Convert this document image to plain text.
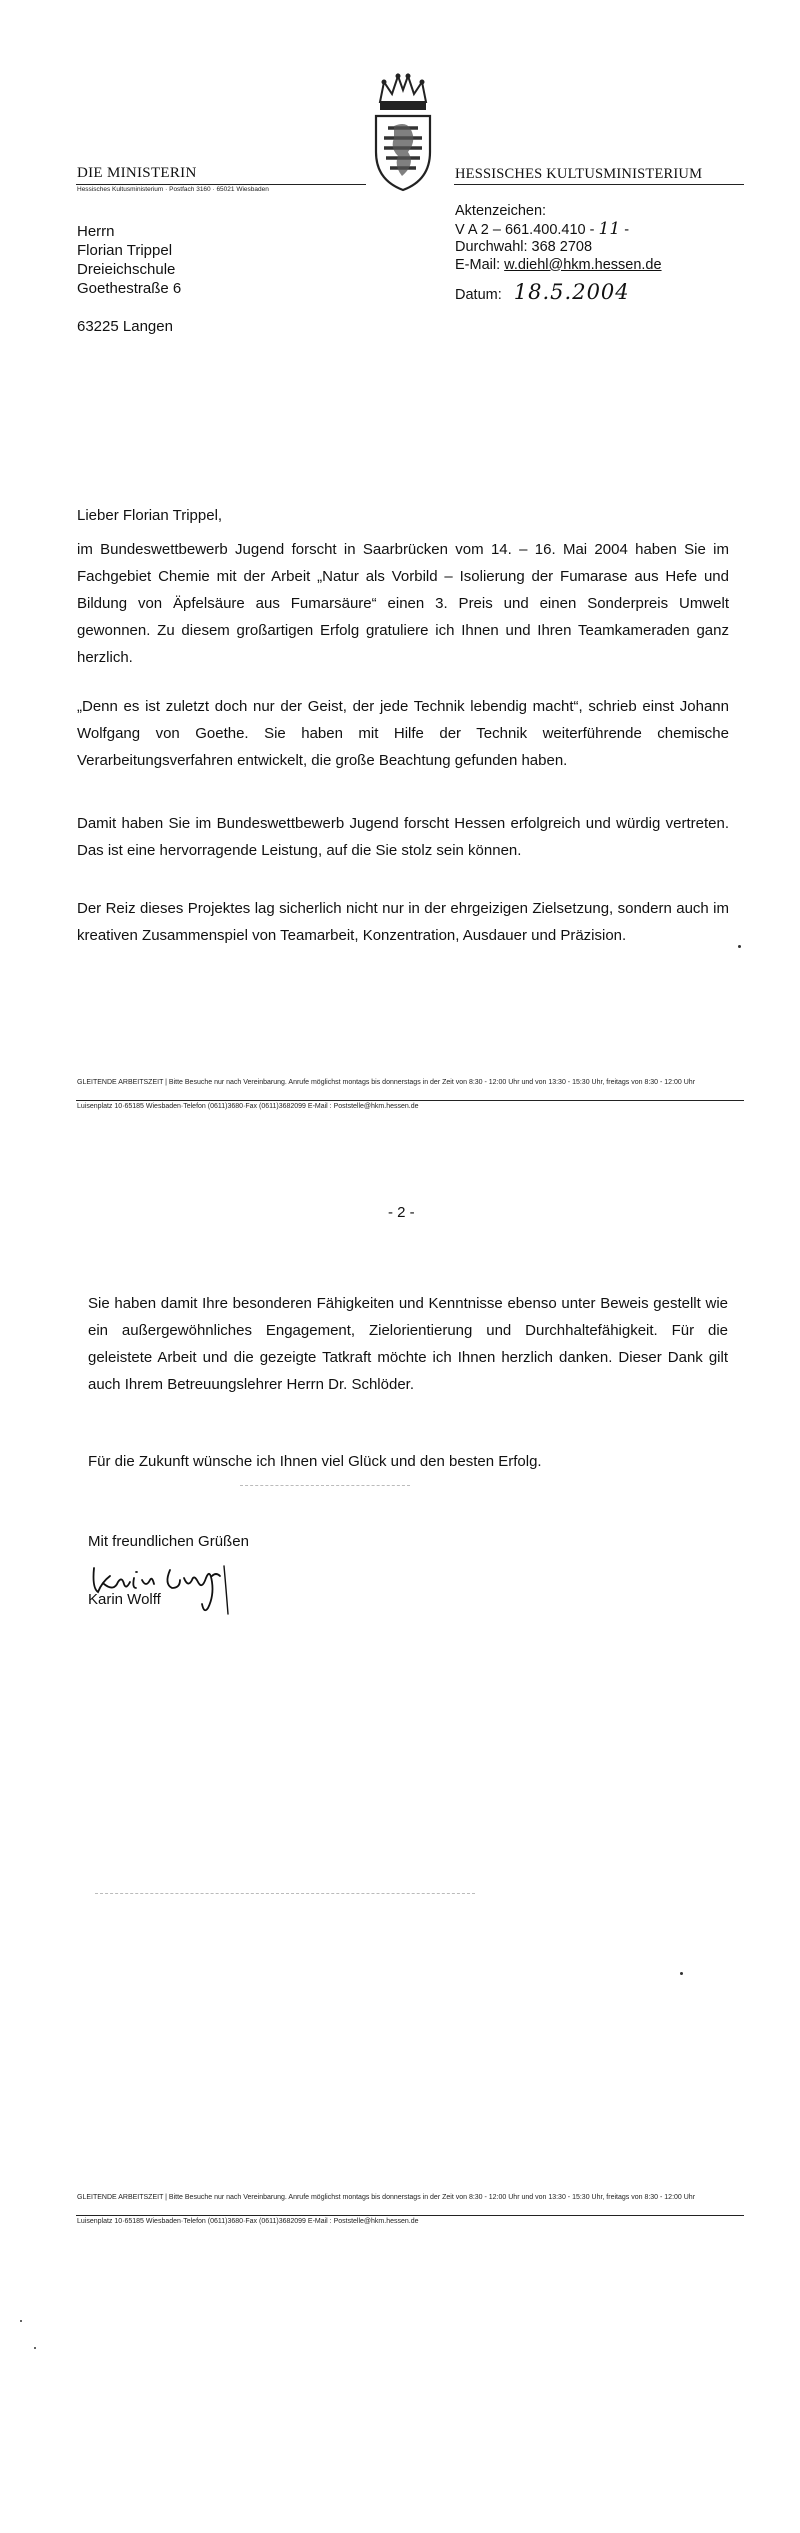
DIE MINISTERIN
Hessisches Kultusministerium · Postfach 3160 · 65021 Wiesbaden
HESSISCHES KULTUSMINISTERIUM
Herrn
Florian Trippel
Dreieichschule
Goethestraße 6
63225 Langen
Aktenzeichen:
V A 2 – 661.400.410 - 11 -
Durchwahl: 368 2708
E-Mail: w.diehl@hkm.hessen.de
Datum: 18.5.2004
Lieber Florian Trippel,
im Bundeswettbewerb Jugend forscht in Saarbrücken vom 14. – 16. Mai 2004 haben Sie im Fachgebiet Chemie mit der Arbeit „Natur als Vorbild – Isolierung der Fumarase aus Hefe und Bildung von Äpfelsäure aus Fumarsäure“ einen 3. Preis und einen Sonderpreis Umwelt gewonnen. Zu diesem großartigen Erfolg gratuliere ich Ihnen und Ihren Teamkameraden ganz herzlich.
„Denn es ist zuletzt doch nur der Geist, der jede Technik lebendig macht“, schrieb einst Johann Wolfgang von Goethe. Sie haben mit Hilfe der Technik weiterführende chemische Verarbeitungsverfahren entwickelt, die große Beachtung gefunden haben.
Damit haben Sie im Bundeswettbewerb Jugend forscht Hessen erfolgreich und würdig vertreten. Das ist eine hervorragende Leistung, auf die Sie stolz sein können.
Der Reiz dieses Projektes lag sicherlich nicht nur in der ehrgeizigen Zielsetzung, sondern auch im kreativen Zusammenspiel von Teamarbeit, Konzentration, Ausdauer und Präzision.
GLEITENDE ARBEITSZEIT | Bitte Besuche nur nach Vereinbarung. Anrufe möglichst montags bis donnerstags in der Zeit von 8:30 - 12:00 Uhr und von 13:30 - 15:30 Uhr, freitags von 8:30 - 12:00 Uhr
Luisenplatz 10·65185 Wiesbaden·Telefon (0611)3680·Fax (0611)3682099 E-Mail : Poststelle@hkm.hessen.de
- 2 -
Sie haben damit Ihre besonderen Fähigkeiten und Kenntnisse ebenso unter Beweis gestellt wie ein außergewöhnliches Engagement, Zielorientierung und Durchhaltefähigkeit. Für die geleistete Arbeit und die gezeigte Tatkraft möchte ich Ihnen herzlich danken. Dieser Dank gilt auch Ihrem Betreuungslehrer Herrn Dr. Schlöder.
Für die Zukunft wünsche ich Ihnen viel Glück und den besten Erfolg.
Mit freundlichen Grüßen
Karin Wolff
GLEITENDE ARBEITSZEIT | Bitte Besuche nur nach Vereinbarung. Anrufe möglichst montags bis donnerstags in der Zeit von 8:30 - 12:00 Uhr und von 13:30 - 15:30 Uhr, freitags von 8:30 - 12:00 Uhr
Luisenplatz 10·65185 Wiesbaden·Telefon (0611)3680·Fax (0611)3682099 E-Mail : Poststelle@hkm.hessen.de
